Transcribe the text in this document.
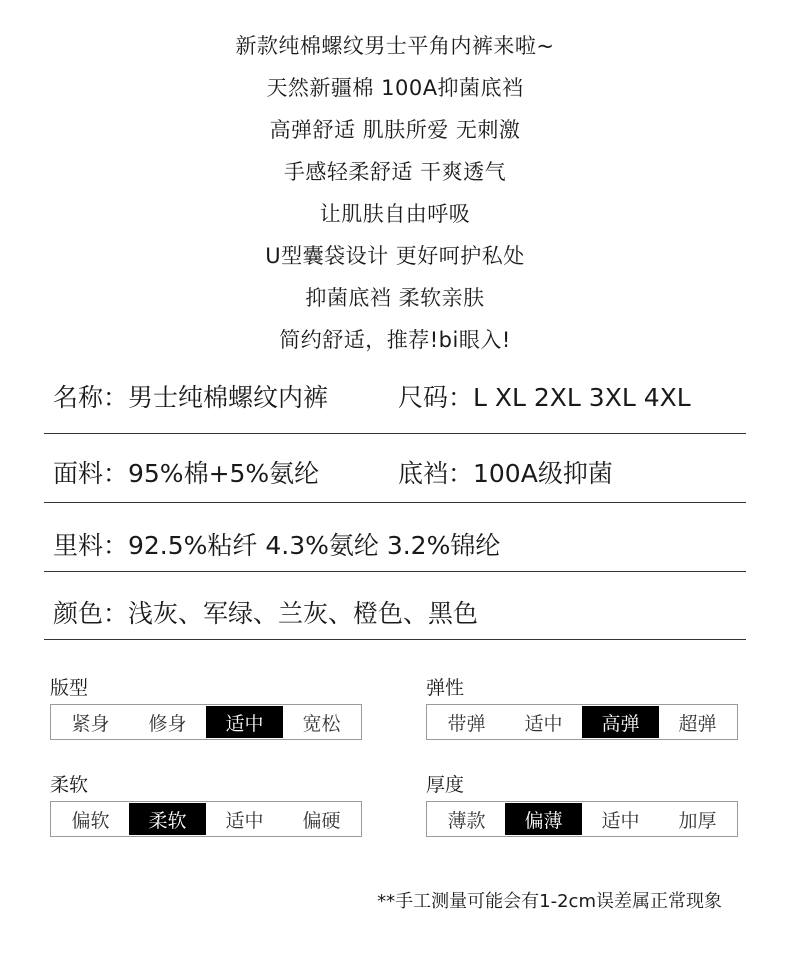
新款纯棉螺纹男士平角内裤来啦~
天然新疆棉 100A抑菌底裆
高弹舒适 肌肤所爱 无刺激
手感轻柔舒适 干爽透气
让肌肤自由呼吸
U型囊袋设计 更好呵护私处
抑菌底裆 柔软亲肤
简约舒适，推荐!bi眼入!
名称：男士纯棉螺纹内裤	尺码：L XL 2XL 3XL 4XL
面料：95%棉+5%氨纶	底裆：100A级抑菌
里料：92.5%粘纤 4.3%氨纶 3.2%锦纶
颜色：浅灰、军绿、兰灰、橙色、黑色
版型
紧身	修身	适中	宽松
弹性
带弹	适中	高弹	超弹
柔软
偏软	柔软	适中	偏硬
厚度
薄款	偏薄	适中	加厚
**手工测量可能会有1-2cm误差属正常现象
